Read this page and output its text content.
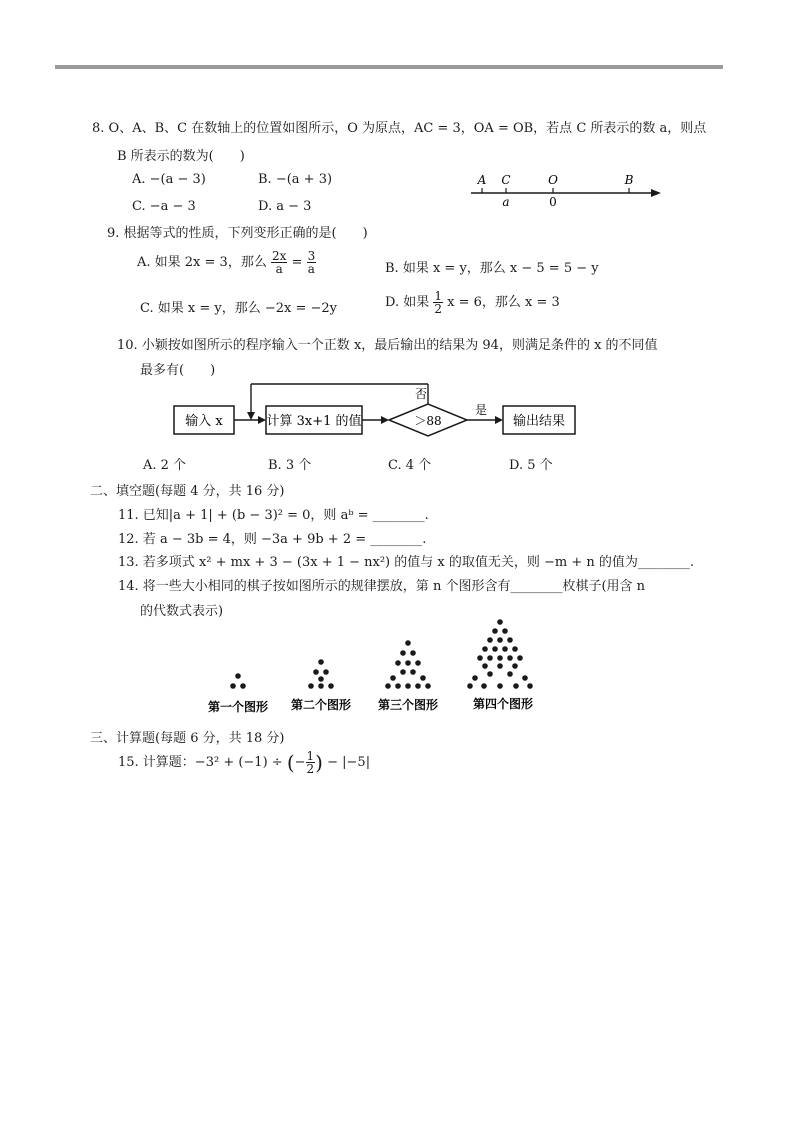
8. O、A、B、C 在数轴上的位置如图所示，O 为原点，AC = 3，OA = OB，若点 C 所表示的数 a，则点
B 所表示的数为(　　)
A. −(a − 3)	B. −(a + 3)
C. −a − 3	D. a − 3
A C	O	B
a	0
9. 根据等式的性质，下列变形正确的是(　　)
A. 如果 2x = 3，那么 $\frac{2x}{a} = \frac{3}{a}$	B. 如果 x = y，那么 x − 5 = 5 − y
C. 如果 x = y，那么 −2x = −2y	D. 如果 $\frac{1}{2}$ x = 6，那么 x = 3
10. 小颖按如图所示的程序输入一个正数 x，最后输出的结果为 94，则满足条件的 x 的不同值
最多有(　　)
输入 x	计算 3x+1 的值	＞88
否
是
输出结果
A. 2 个	B. 3 个	C. 4 个	D. 5 个
二、填空题(每题 4 分，共 16 分)
11. 已知|a + 1| + (b − 3)² = 0，则 aᵇ = ________.
12. 若 a − 3b = 4，则 −3a + 9b + 2 = ________.
13. 若多项式 x² + mx + 3 − (3x + 1 − nx²) 的值与 x 的取值无关，则 −m + n 的值为________.
14. 将一些大小相同的棋子按如图所示的规律摆放，第 n 个图形含有________枚棋子(用含 n
的代数式表示)
第一个图形 第二个图形 第三个图形	第四个图形
三、计算题(每题 6 分，共 18 分)
15. 计算题：−3² + (−1) ÷ (− $\frac{1}{2}$ ) − |−5|
